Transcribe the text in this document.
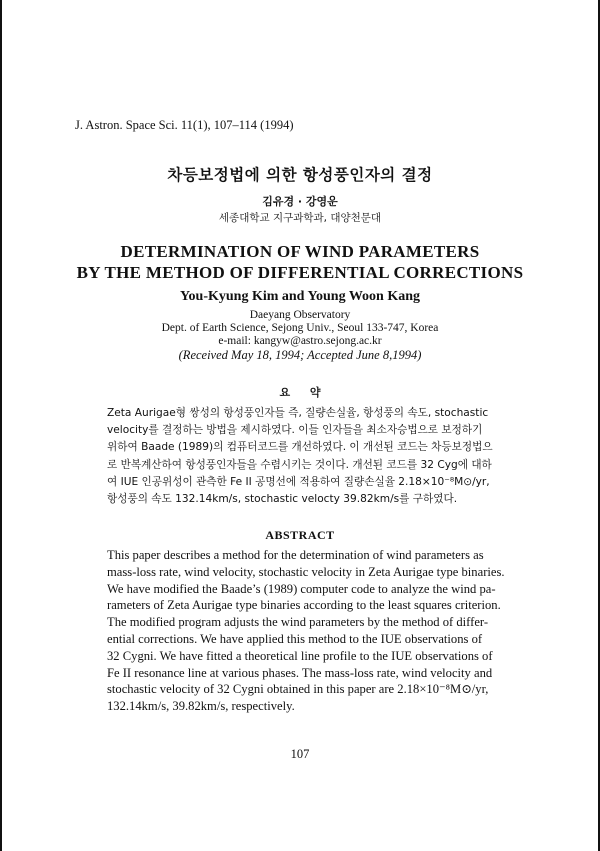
J. Astron. Space Sci. 11(1), 107–114 (1994)
차등보정법에 의한 항성풍인자의 결정
김유경 · 강영운
세종대학교 지구과학과, 대양천문대
DETERMINATION OF WIND PARAMETERS
BY THE METHOD OF DIFFERENTIAL CORRECTIONS
You-Kyung Kim and Young Woon Kang
Daeyang Observatory
Dept. of Earth Science, Sejong Univ., Seoul 133-747, Korea
e-mail: kangyw@astro.sejong.ac.kr
(Received May 18, 1994; Accepted June 8,1994)
요 약
Zeta Aurigae형 쌍성의 항성풍인자들 즉, 질량손실율, 항성풍의 속도, stochastic
velocity를 결정하는 방법을 제시하였다. 이들 인자들을 최소자승법으로 보정하기
위하여 Baade (1989)의 컴퓨터코드를 개선하였다. 이 개선된 코드는 차등보정법으
로 반복계산하여 항성풍인자들을 수렴시키는 것이다. 개선된 코드를 32 Cyg에 대하
여 IUE 인공위성이 관측한 Fe II 공명선에 적용하여 질량손실율 2.18×10⁻⁸M⊙/yr,
항성풍의 속도 132.14km/s, stochastic velocty 39.82km/s를 구하였다.
ABSTRACT
This paper describes a method for the determination of wind parameters as
mass-loss rate, wind velocity, stochastic velocity in Zeta Aurigae type binaries.
We have modified the Baade’s (1989) computer code to analyze the wind pa-
rameters of Zeta Aurigae type binaries according to the least squares criterion.
The modified program adjusts the wind parameters by the method of differ-
ential corrections. We have applied this method to the IUE observations of
32 Cygni. We have fitted a theoretical line profile to the IUE observations of
Fe II resonance line at various phases. The mass-loss rate, wind velocity and
stochastic velocity of 32 Cygni obtained in this paper are 2.18×10⁻⁸M⊙/yr,
132.14km/s, 39.82km/s, respectively.
107
